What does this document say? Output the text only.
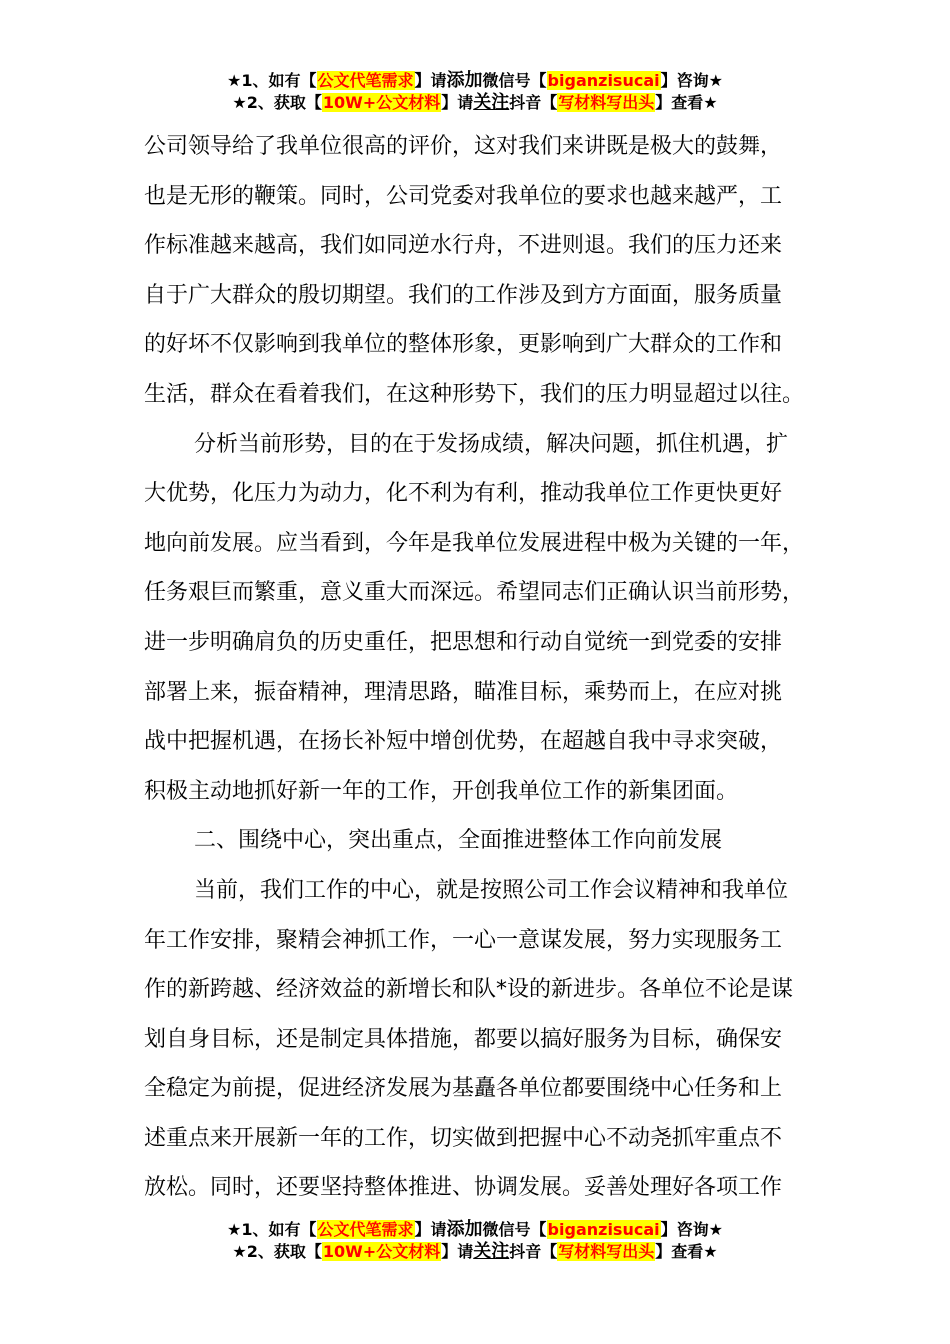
★1、如有【公文代笔需求】请添加微信号【biganzisucai】咨询★
★2、获取【10W+公文材料】请关注抖音【写材料写出头】查看★
公司领导给了我单位很高的评价，这对我们来讲既是极大的鼓舞，
也是无形的鞭策。同时，公司党委对我单位的要求也越来越严，工
作标准越来越高，我们如同逆水行舟，不进则退。我们的压力还来
自于广大群众的殷切期望。我们的工作涉及到方方面面，服务质量
的好坏不仅影响到我单位的整体形象，更影响到广大群众的工作和
生活，群众在看着我们，在这种形势下，我们的压力明显超过以往。
分析当前形势，目的在于发扬成绩，解决问题，抓住机遇，扩
大优势，化压力为动力，化不利为有利，推动我单位工作更快更好
地向前发展。应当看到，今年是我单位发展进程中极为关键的一年，
任务艰巨而繁重，意义重大而深远。希望同志们正确认识当前形势，
进一步明确肩负的历史重任，把思想和行动自觉统一到党委的安排
部署上来，振奋精神，理清思路，瞄准目标，乘势而上，在应对挑
战中把握机遇，在扬长补短中增创优势，在超越自我中寻求突破，
积极主动地抓好新一年的工作，开创我单位工作的新集团面。
二、围绕中心，突出重点，全面推进整体工作向前发展
当前，我们工作的中心，就是按照公司工作会议精神和我单位
年工作安排，聚精会神抓工作，一心一意谋发展，努力实现服务工
作的新跨越、经济效益的新增长和队*设的新进步。各单位不论是谋
划自身目标，还是制定具体措施，都要以搞好服务为目标，确保安
全稳定为前提，促进经济发展为基矗各单位都要围绕中心任务和上
述重点来开展新一年的工作，切实做到把握中心不动尧抓牢重点不
放松。同时，还要坚持整体推进、协调发展。妥善处理好各项工作
★1、如有【公文代笔需求】请添加微信号【biganzisucai】咨询★
★2、获取【10W+公文材料】请关注抖音【写材料写出头】查看★
